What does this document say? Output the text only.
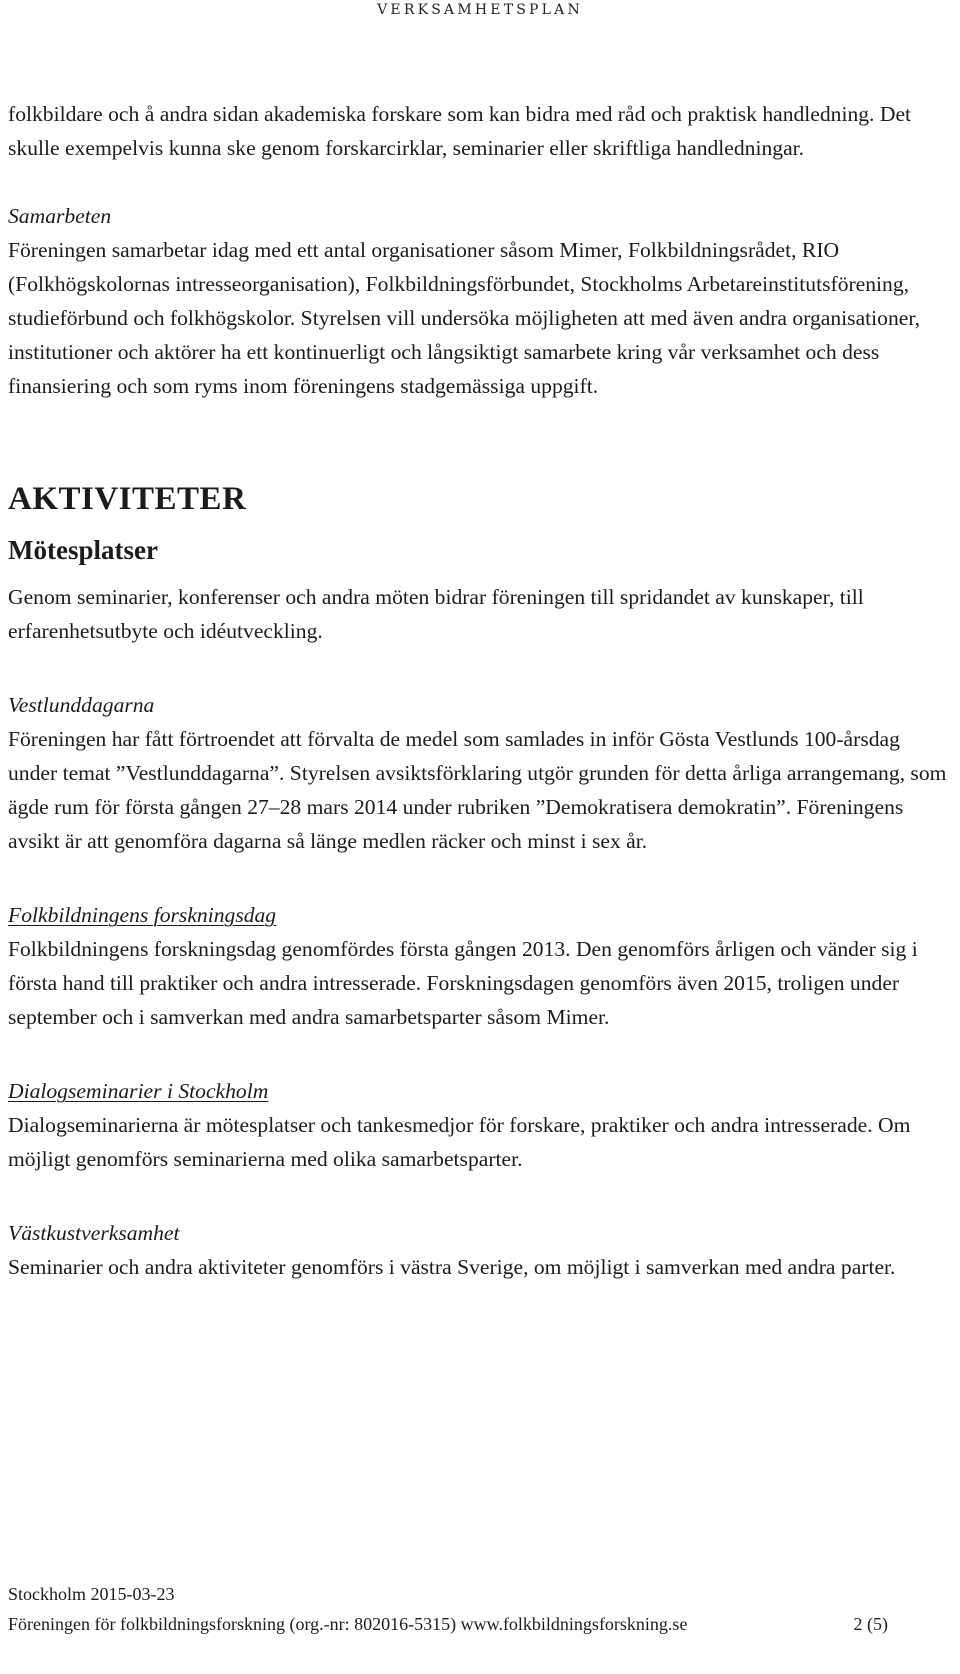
VERKSAMHETSPLAN

folkbildare och å andra sidan akademiska forskare som kan bidra med råd och praktisk handledning. Det skulle exempelvis kunna ske genom forskarcirklar, seminarier eller skriftliga handledningar.

Samarbeten

Föreningen samarbetar idag med ett antal organisationer såsom Mimer, Folkbildningsrådet, RIO (Folkhögskolornas intresseorganisation), Folkbildningsförbundet, Stockholms Arbetareinstitutsförening, studieförbund och folkhögskolor. Styrelsen vill undersöka möjligheten att med även andra organisationer, institutioner och aktörer ha ett kontinuerligt och långsiktigt samarbete kring vår verksamhet och dess finansiering och som ryms inom föreningens stadgemässiga uppgift.

AKTIVITETER
Mötesplatser

Genom seminarier, konferenser och andra möten bidrar föreningen till spridandet av kunskaper, till erfarenhetsutbyte och idéutveckling.

Vestlunddagarna

Föreningen har fått förtroendet att förvalta de medel som samlades in inför Gösta Vestlunds 100-årsdag under temat ”Vestlunddagarna”. Styrelsen avsiktsförklaring utgör grunden för detta årliga arrangemang, som ägde rum för första gången 27–28 mars 2014 under rubriken ”Demokratisera demokratin”. Föreningens avsikt är att genomföra dagarna så länge medlen räcker och minst i sex år.

Folkbildningens forskningsdag

Folkbildningens forskningsdag genomfördes första gången 2013. Den genomförs årligen och vänder sig i första hand till praktiker och andra intresserade. Forskningsdagen genomförs även 2015, troligen under september och i samverkan med andra samarbetsparter såsom Mimer.

Dialogseminarier i Stockholm

Dialogseminarierna är mötesplatser och tankesmedjor för forskare, praktiker och andra intresserade. Om möjligt genomförs seminarierna med olika samarbetsparter.

Västkustverksamhet

Seminarier och andra aktiviteter genomförs i västra Sverige, om möjligt i samverkan med andra parter.

Stockholm 2015-03-23
Föreningen för folkbildningsforskning (org.-nr: 802016-5315) www.folkbildningsforskning.se	2 (5)
